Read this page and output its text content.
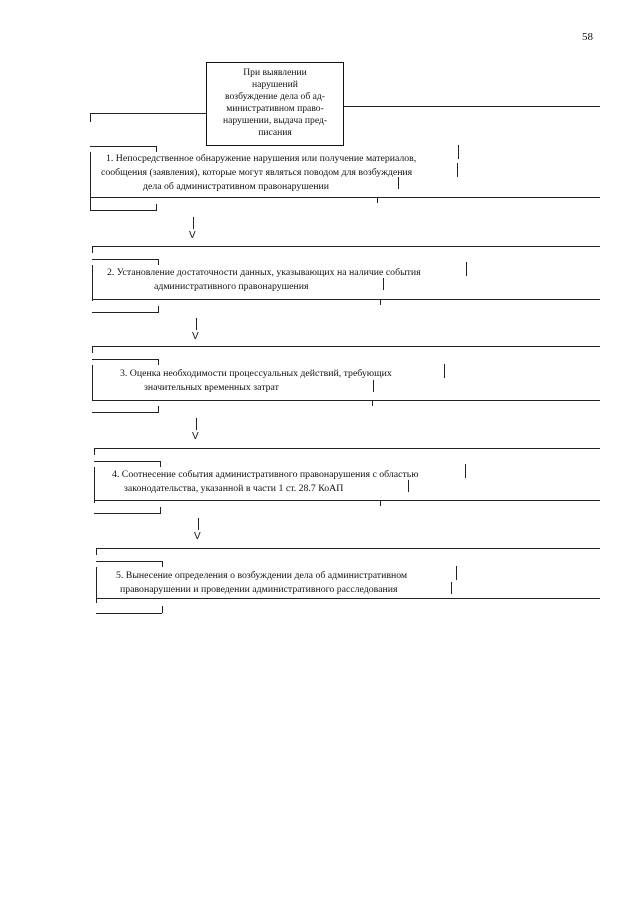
58
При выявлении
нарушений
возбуждение дела об ад-
министративном право-
нарушении, выдача пред-
писания
1. Непосредственное обнаружение нарушения или получение материалов,
сообщения (заявления), которые могут являться поводом для возбуждения
дела об административном правонарушении
V
2. Установление достаточности данных, указывающих на наличие события
административного правонарушения
V
3. Оценка необходимости процессуальных действий, требующих
значительных временных затрат
V
4. Соотнесение события административного правонарушения с областью
законодательства, указанной в части 1 ст. 28.7 КоАП
V
5. Вынесение определения о возбуждении дела об административном
правонарушении и проведении административного расследования
